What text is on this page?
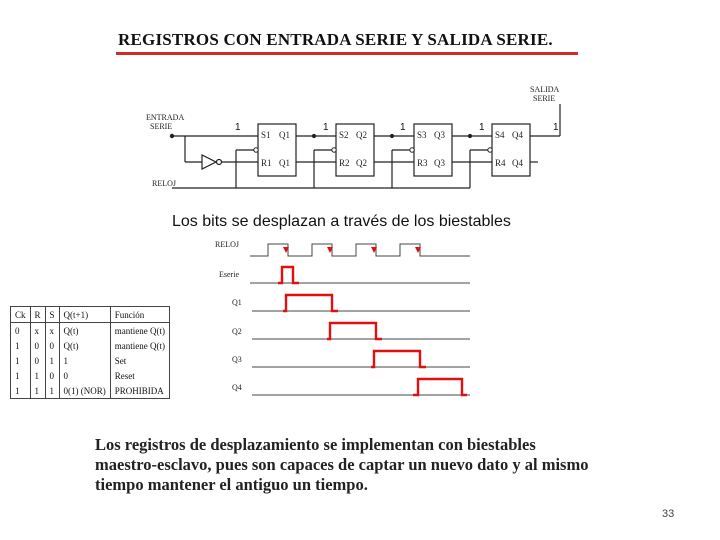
REGISTROS CON ENTRADA SERIE Y SALIDA SERIE.
ENTRADA
SERIE
RELOJ
SALIDA
SERIE
S1
R1
Q1
Q1
S2
R2
Q2
Q2
S3
R3
Q3
Q3
S4
R4
Q4
Q4
1	1	1	1	1
Los bits se desplazan a través de los biestables
RELOJ
Eserie
Q1
Q2
Q3
Q4
Ck	R	S	Q(t+1)	Función
0	x	x	Q(t)	mantiene Q(t)
1	0	0	Q(t)	mantiene Q(t)
1	0	1	1	Set
1	1	0	0	Reset
1	1	1	0(1) (NOR)	PROHIBIDA
Los registros de desplazamiento se implementan con biestables
maestro-esclavo, pues son capaces de captar un nuevo dato y al mismo
tiempo mantener el antiguo un tiempo.
33
